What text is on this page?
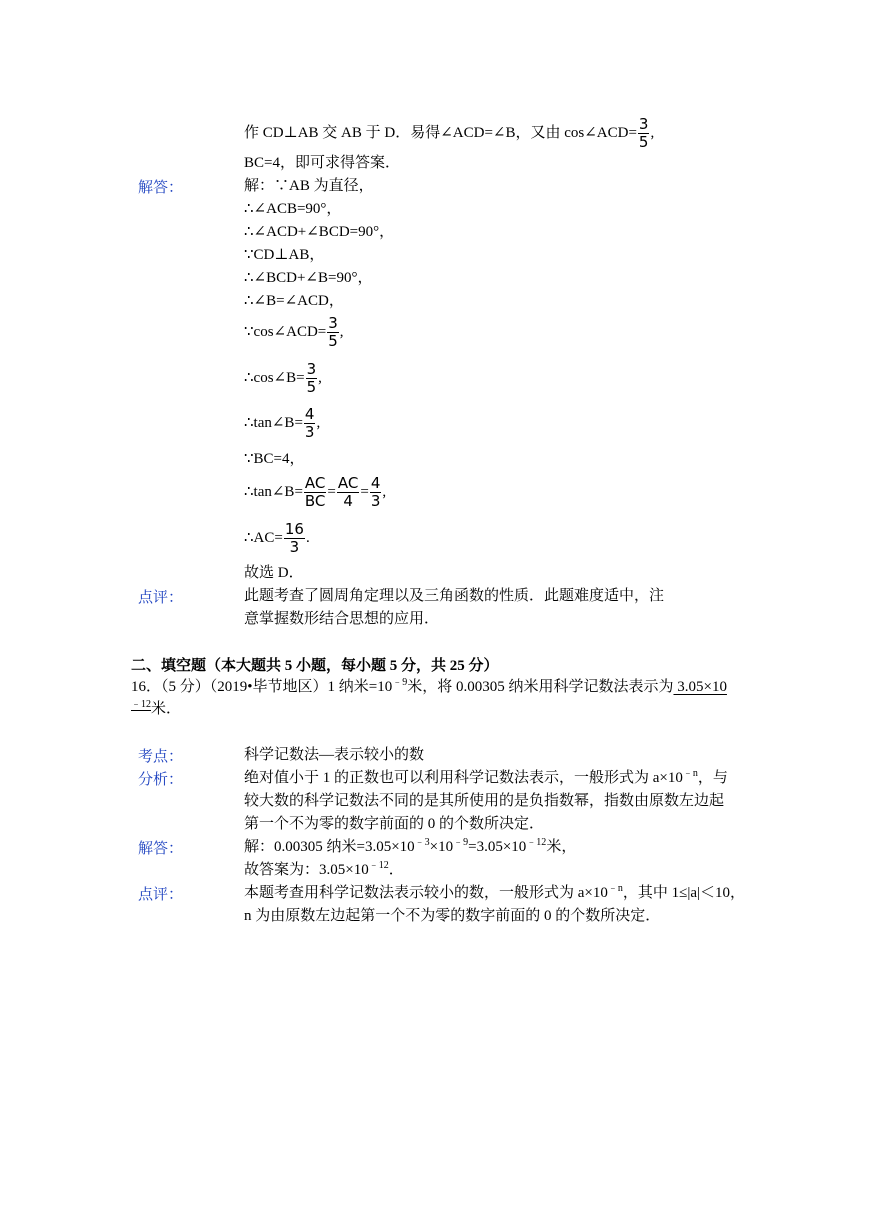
作 CD⊥AB 交 AB 于 D．易得∠ACD=∠B，又由 cos∠ACD= $\frac{3}{5}$ ,
BC=4，即可求得答案．
解答：	解：∵AB 为直径，
∴∠ACB=90°，
∴∠ACD+∠BCD=90°，
∵CD⊥AB，
∴∠BCD+∠B=90°，
∴∠B=∠ACD，
∵cos∠ACD= $\frac{3}{5}$ ,
∴cos∠B= $\frac{3}{5}$ ,
∴tan∠B= $\frac{4}{3}$ ,
∵BC=4，
∴tan∠B= $\frac{AC}{BC} = \frac{AC}{4} = \frac{4}{3}$ ,
∴AC= $\frac{16}{3}$ .
故选 D．
点评：	此题考查了圆周角定理以及三角函数的性质．此题难度适中，注
意掌握数形结合思想的应用．
二、填空题（本大题共 5 小题，每小题 5 分，共 25 分）
16．（5 分）（2019•毕节地区）1 纳米$=10^{﹣9}$米，将 0.00305 纳米用科学记数法表示为 3.05×10
$^{﹣12}$米．
考点：	科学记数法—表示较小的数
分析：	绝对值小于 1 的正数也可以利用科学记数法表示，一般形式为 $a\times 10^{﹣n}$，与
较大数的科学记数法不同的是其所使用的是负指数幂，指数由原数左边起
第一个不为零的数字前面的 0 的个数所决定．
解答：	解：0.00305 纳米$=3.05\times 10^{﹣3}\times 10^{﹣9}=3.05\times 10^{﹣12}$米，
故答案为：$3.05\times 10^{﹣12}$．
点评：	本题考查用科学记数法表示较小的数，一般形式为 $a\times 10^{﹣n}$，其中 1≤|a|＜10，
n 为由原数左边起第一个不为零的数字前面的 0 的个数所决定．
